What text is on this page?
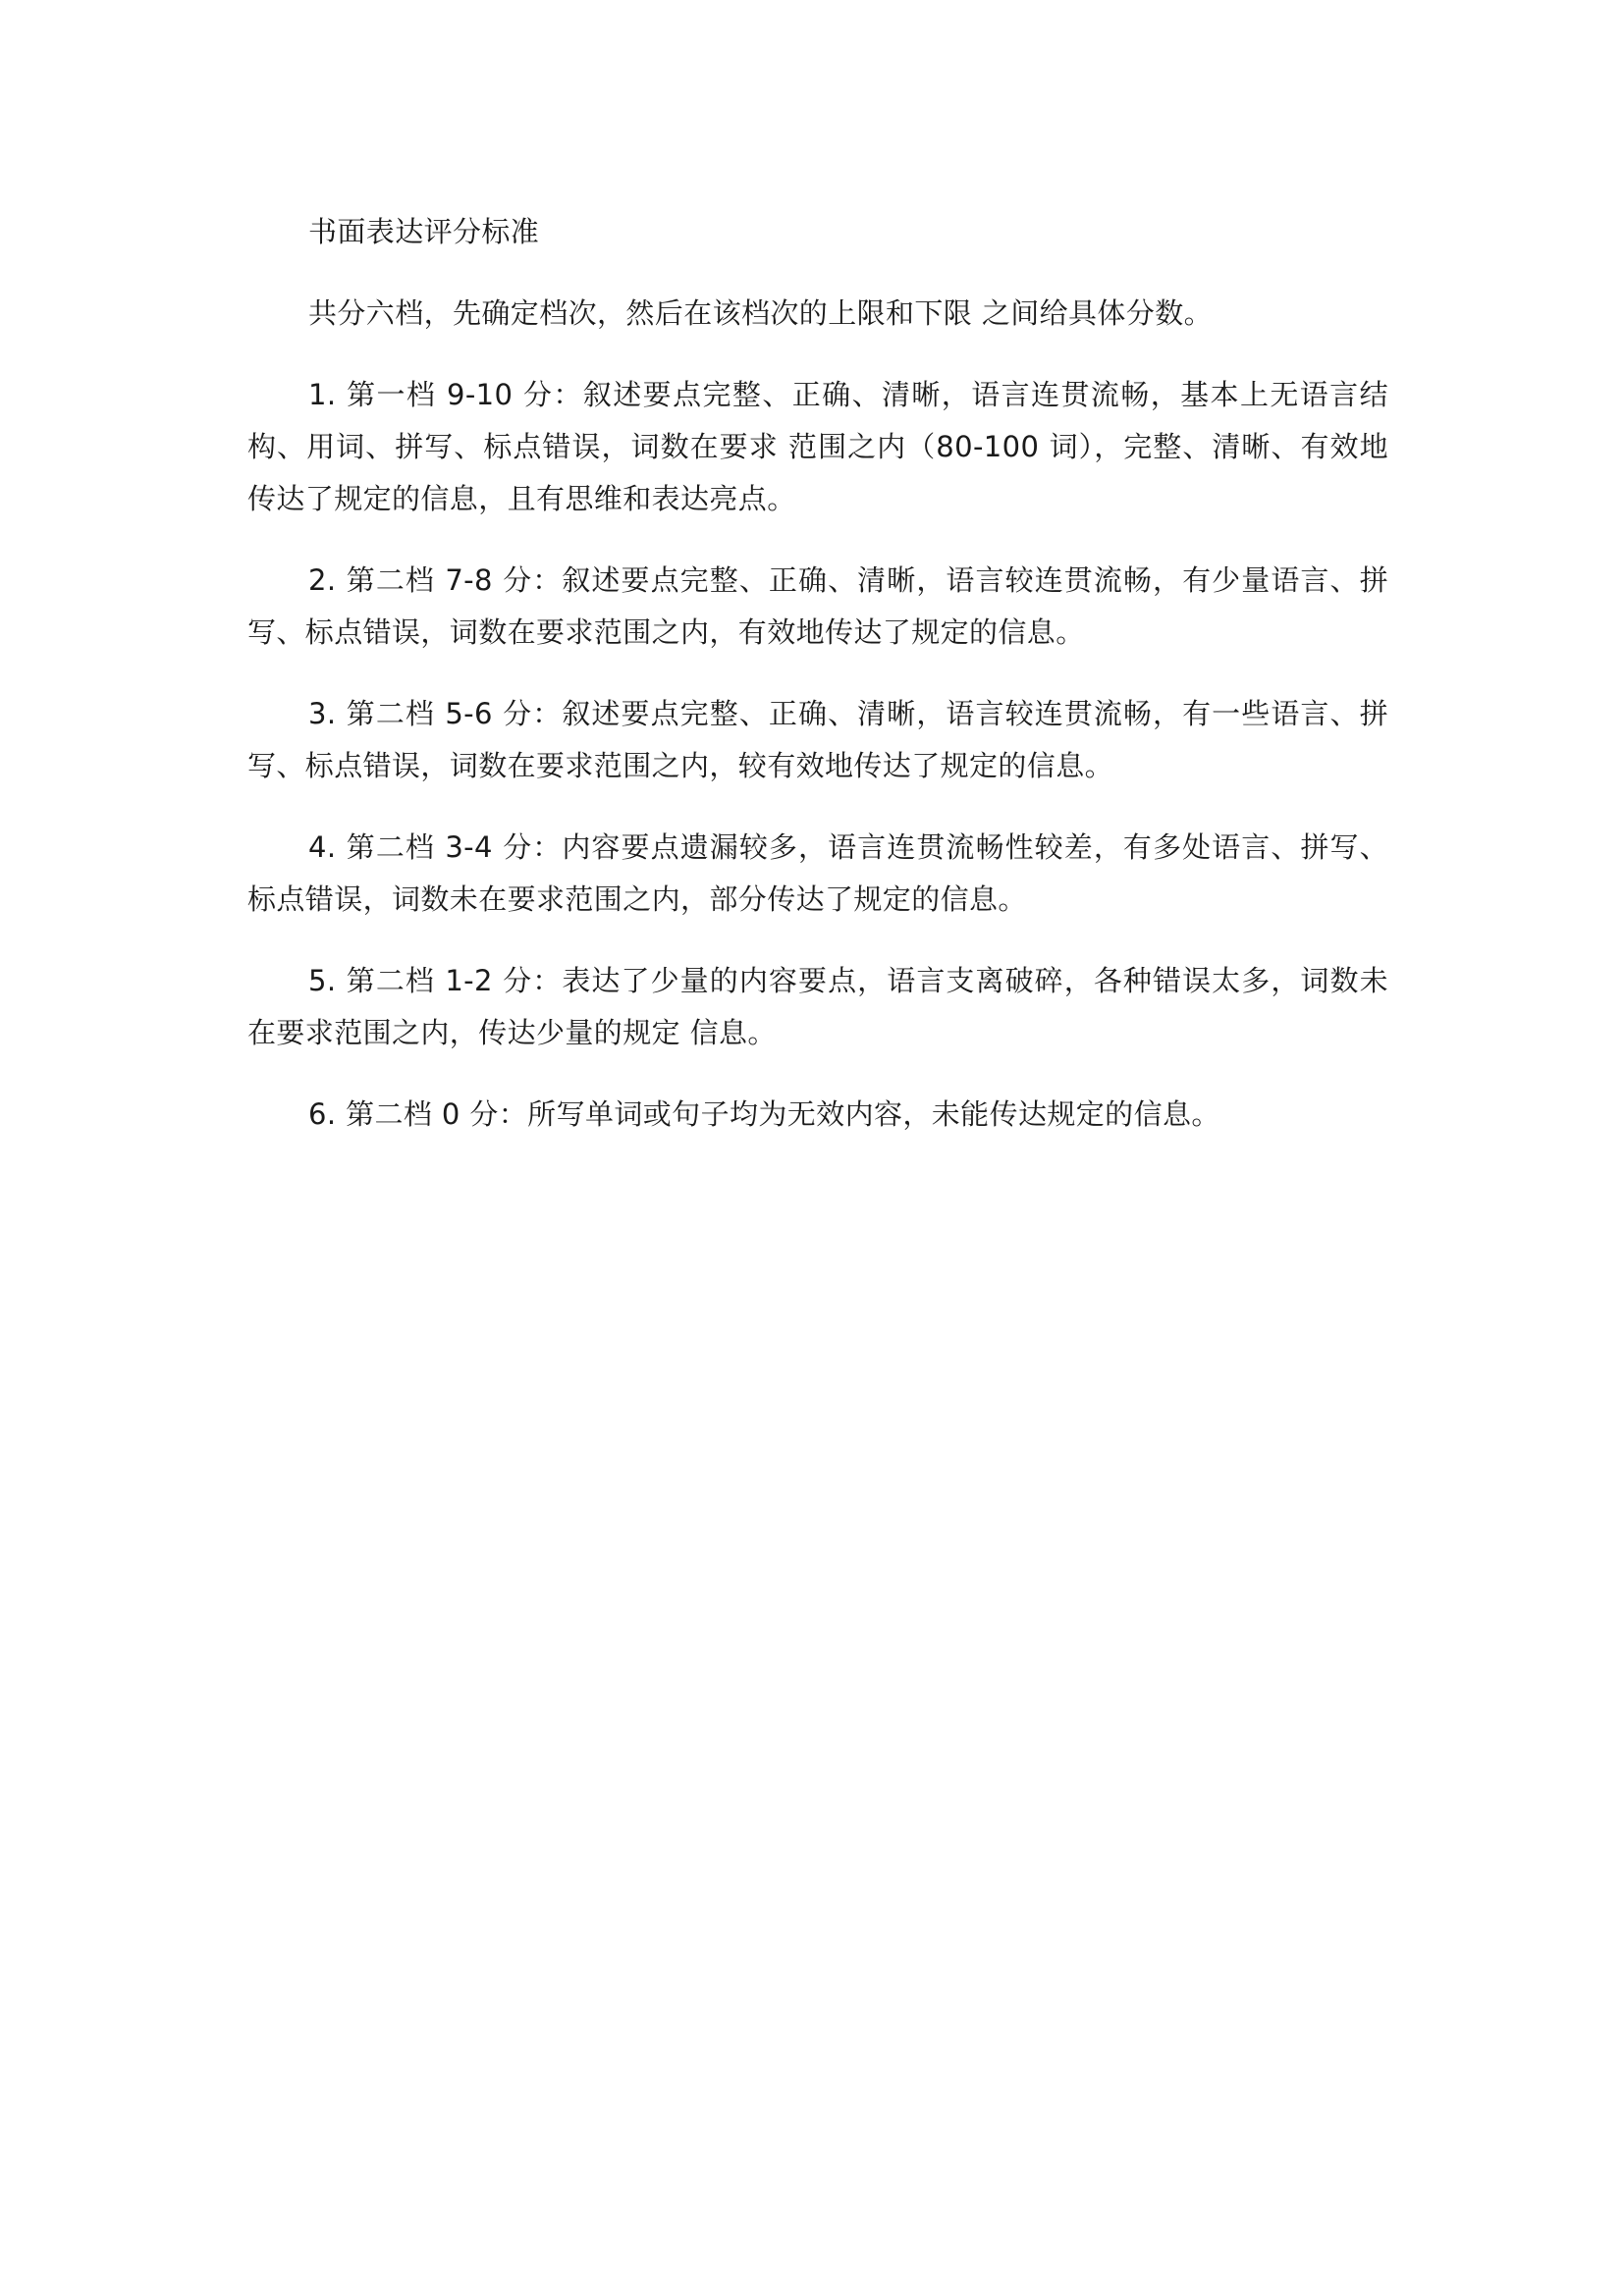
书面表达评分标准

共分六档，先确定档次，然后在该档次的上限和下限 之间给具体分数。

1. 第一档 9-10 分：叙述要点完整、正确、清晰，语言连贯流畅，基本上无语言结构、用词、拼写、标点错误，词数在要求 范围之内（80-100 词），完整、清晰、有效地传达了规定的信息，且有思维和表达亮点。

2. 第二档 7-8 分：叙述要点完整、正确、清晰，语言较连贯流畅，有少量语言、拼写、标点错误，词数在要求范围之内，有效地传达了规定的信息。

3. 第二档 5-6 分：叙述要点完整、正确、清晰，语言较连贯流畅，有一些语言、拼写、标点错误，词数在要求范围之内，较有效地传达了规定的信息。

4. 第二档 3-4 分：内容要点遗漏较多，语言连贯流畅性较差，有多处语言、拼写、标点错误，词数未在要求范围之内，部分传达了规定的信息。

5. 第二档 1-2 分：表达了少量的内容要点，语言支离破碎，各种错误太多，词数未在要求范围之内，传达少量的规定 信息。

6. 第二档 0 分：所写单词或句子均为无效内容，未能传达规定的信息。
